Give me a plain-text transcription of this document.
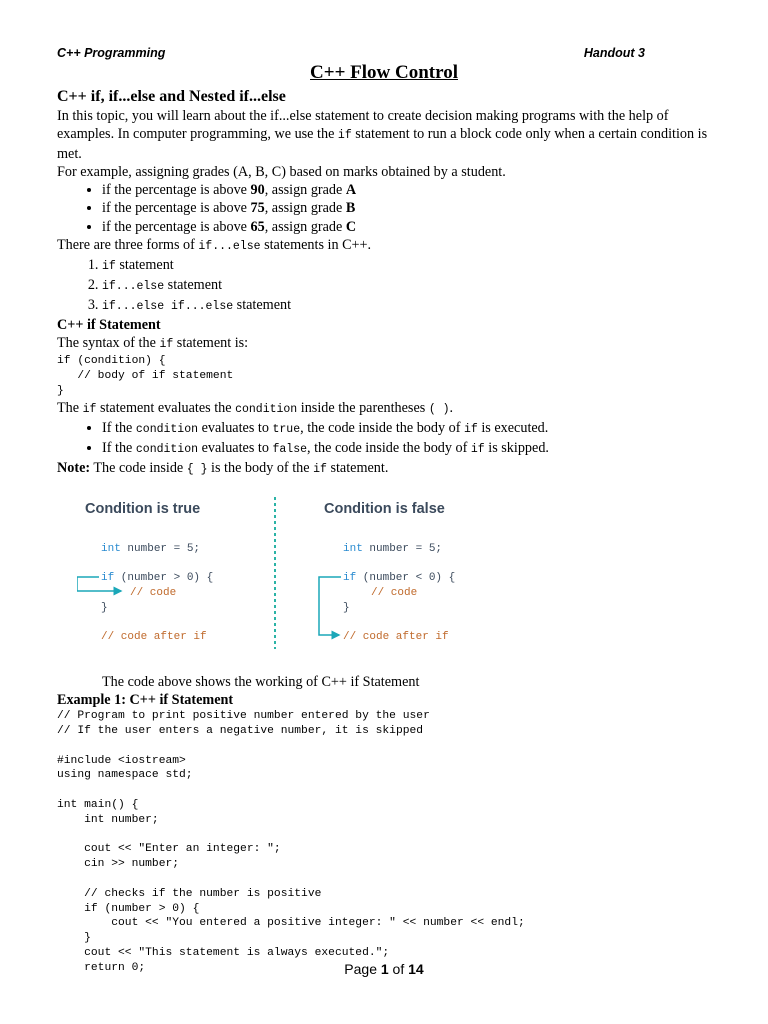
C++ Programming	Handout 3
C++ Flow Control
C++ if, if...else and Nested if...else

In this topic, you will learn about the if...else statement to create decision making programs with the help of examples. In computer programming, we use the if statement to run a block code only when a certain condition is met.

For example, assigning grades (A, B, C) based on marks obtained by a student.

• if the percentage is above 90, assign grade A
• if the percentage is above 75, assign grade B
• if the percentage is above 65, assign grade C

There are three forms of if...else statements in C++.

1. if statement
2. if...else statement
3. if...else if...else statement
C++ if Statement

The syntax of the if statement is:

if (condition) {
// body of if statement
}

The if statement evaluates the condition inside the parentheses ( ).

• If the condition evaluates to true, the code inside the body of if is executed.
• If the condition evaluates to false, the code inside the body of if is skipped.

Note: The code inside { } is the body of the if statement.

Condition is true	Condition is false
int number = 5;
if (number > 0) {
// code
}
// code after if
int number = 5;
if (number < 0) {
// code
}
// code after if

The code above shows the working of C++ if Statement

Example 1: C++ if Statement
// Program to print positive number entered by the user
// If the user enters a negative number, it is skipped

#include <iostream>
using namespace std;

int main() {
int number;

cout << "Enter an integer: ";
cin >> number;

// checks if the number is positive
if (number > 0) {
cout << "You entered a positive integer: " << number << endl;
}
cout << "This statement is always executed.";
return 0;	Page 1 of 14
